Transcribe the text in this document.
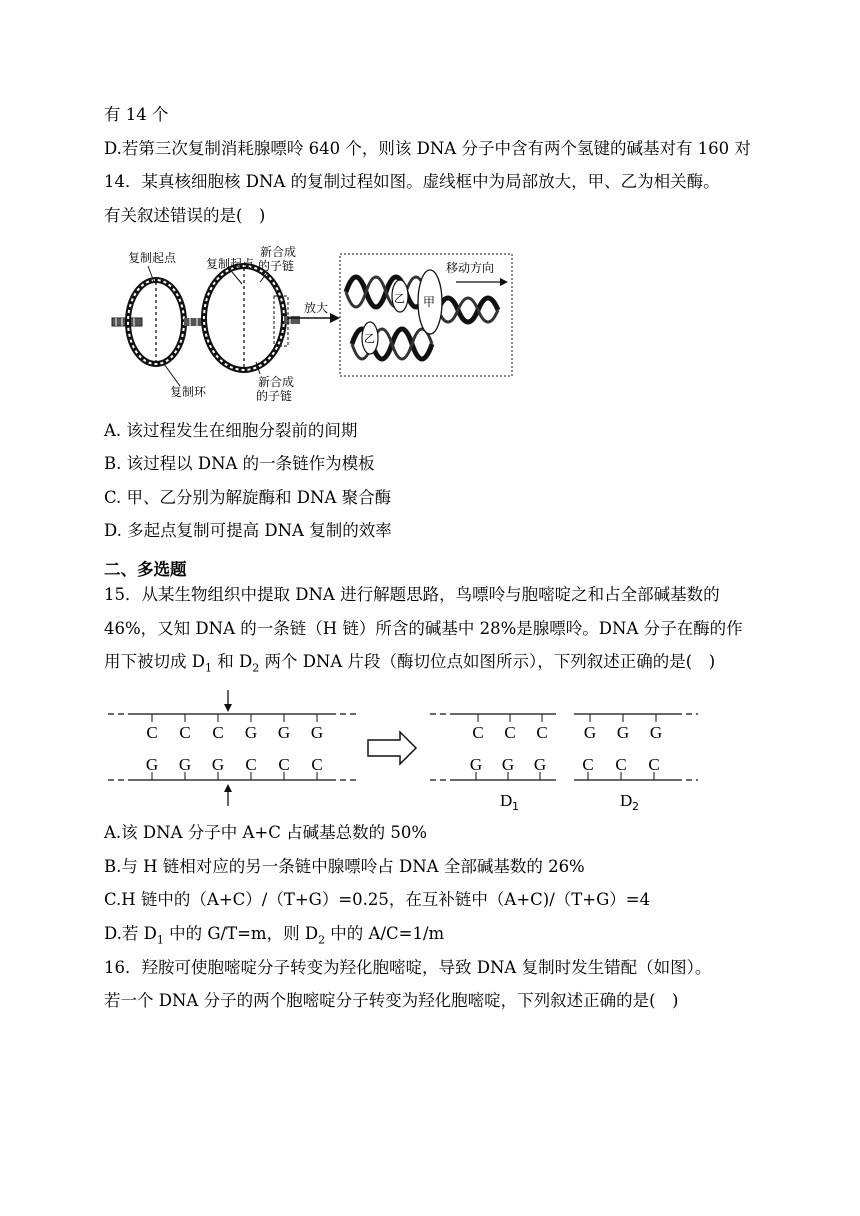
有 14 个
D.若第三次复制消耗腺嘌呤 640 个，则该 DNA 分子中含有两个氢键的碱基对有 160 对
14．某真核细胞核 DNA 的复制过程如图。虚线框中为局部放大，甲、乙为相关酶。
有关叙述错误的是(　)
放大
复制起点 复制起点
新合成
的子链
复制环
新合成
的子链
甲
乙
乙
移动方向
A. 该过程发生在细胞分裂前的间期
B. 该过程以 DNA 的一条链作为模板
C. 甲、乙分别为解旋酶和 DNA 聚合酶
D. 多起点复制可提高 DNA 复制的效率
二、多选题
15．从某生物组织中提取 DNA 进行解题思路，鸟嘌呤与胞嘧啶之和占全部碱基数的
46%，又知 DNA 的一条链（H 链）所含的碱基中 28%是腺嘌呤。DNA 分子在酶的作
用下被切成 $D_1$ 和 $D_2$ 两个 DNA 片段（酶切位点如图所示），下列叙述正确的是(　)
C C C G G G
G G G C C C
C C C
G G G
G G G
C C C
D 1	D 2
A.该 DNA 分子中 A+C 占碱基总数的 50%
B.与 H 链相对应的另一条链中腺嘌呤占 DNA 全部碱基数的 26%
C.H 链中的（A+C）/（T+G）=0.25，在互补链中（A+C)/（T+G）=4
D.若 $D_1$ 中的 G/T=m，则 $D_2$ 中的 A/C=1/m
16．羟胺可使胞嘧啶分子转变为羟化胞嘧啶，导致 DNA 复制时发生错配（如图）。
若一个 DNA 分子的两个胞嘧啶分子转变为羟化胞嘧啶，下列叙述正确的是(　)
